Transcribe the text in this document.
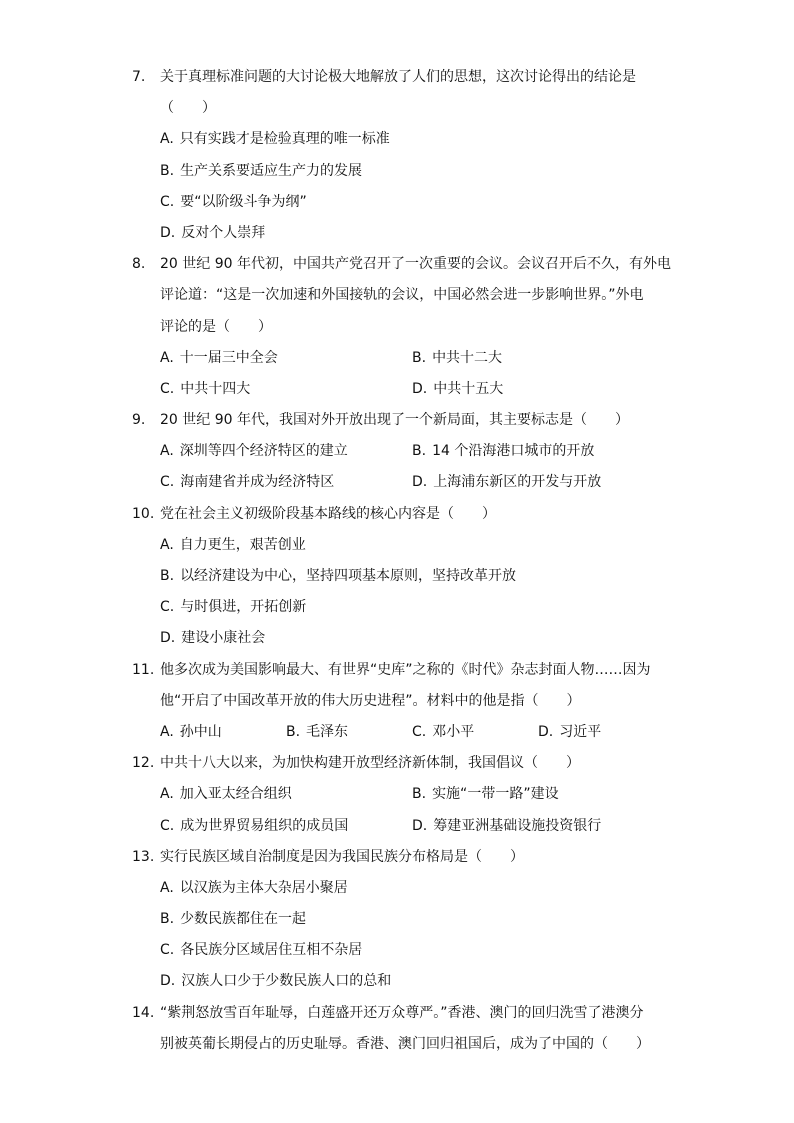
7.	关于真理标准问题的大讨论极大地解放了人们的思想，这次讨论得出的结论是
（　　）
A. 只有实践才是检验真理的唯一标准
B. 生产关系要适应生产力的发展
C. 要“以阶级斗争为纲”
D. 反对个人崇拜
8.	20 世纪 90 年代初，中国共产党召开了一次重要的会议。会议召开后不久，有外电
评论道：“这是一次加速和外国接轨的会议，中国必然会进一步影响世界。”外电
评论的是（　　）
A. 十一届三中全会	B. 中共十二大
C. 中共十四大	D. 中共十五大
9.	20 世纪 90 年代，我国对外开放出现了一个新局面，其主要标志是（　　）
A. 深圳等四个经济特区的建立	B. 14 个沿海港口城市的开放
C. 海南建省并成为经济特区	D. 上海浦东新区的开发与开放
10. 党在社会主义初级阶段基本路线的核心内容是（　　）
A. 自力更生，艰苦创业
B. 以经济建设为中心，坚持四项基本原则，坚持改革开放
C. 与时俱进，开拓创新
D. 建设小康社会
11. 他多次成为美国影响最大、有世界“史库”之称的《时代》杂志封面人物……因为
他“开启了中国改革开放的伟大历史进程”。材料中的他是指（　　）
A. 孙中山	B. 毛泽东	C. 邓小平	D. 习近平
12. 中共十八大以来，为加快构建开放型经济新体制，我国倡议（　　）
A. 加入亚太经合组织	B. 实施“一带一路”建设
C. 成为世界贸易组织的成员国	D. 筹建亚洲基础设施投资银行
13. 实行民族区域自治制度是因为我国民族分布格局是（　　）
A. 以汉族为主体大杂居小聚居
B. 少数民族都住在一起
C. 各民族分区域居住互相不杂居
D. 汉族人口少于少数民族人口的总和
14. “紫荆怒放雪百年耻辱，白莲盛开还万众尊严。”香港、澳门的回归洗雪了港澳分
别被英葡长期侵占的历史耻辱。香港、澳门回归祖国后，成为了中国的（　　）
